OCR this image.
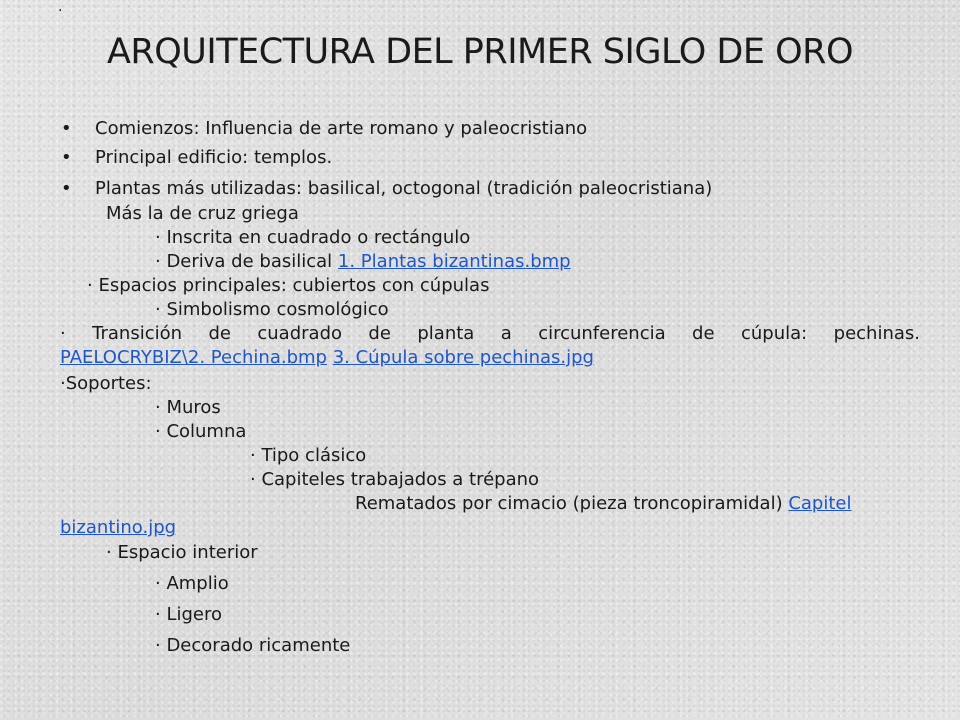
·
ARQUITECTURA DEL PRIMER SIGLO DE ORO
• Comienzos: Influencia de arte romano y paleocristiano
• Principal edificio: templos.
• Plantas más utilizadas: basilical, octogonal (tradición paleocristiana)
Más la de cruz griega
· Inscrita en cuadrado o rectángulo
· Deriva de basilical 1. Plantas bizantinas.bmp
· Espacios principales: cubiertos con cúpulas
· Simbolismo cosmológico
· Transición de cuadrado de planta a circunferencia de cúpula: pechinas.
PAELOCRYBIZ\2. Pechina.bmp 3. Cúpula sobre pechinas.jpg
·Soportes:
· Muros
· Columna
· Tipo clásico
· Capiteles trabajados a trépano
Rematados por cimacio (pieza troncopiramidal) Capitel
bizantino.jpg
· Espacio interior
· Amplio
· Ligero
· Decorado ricamente
